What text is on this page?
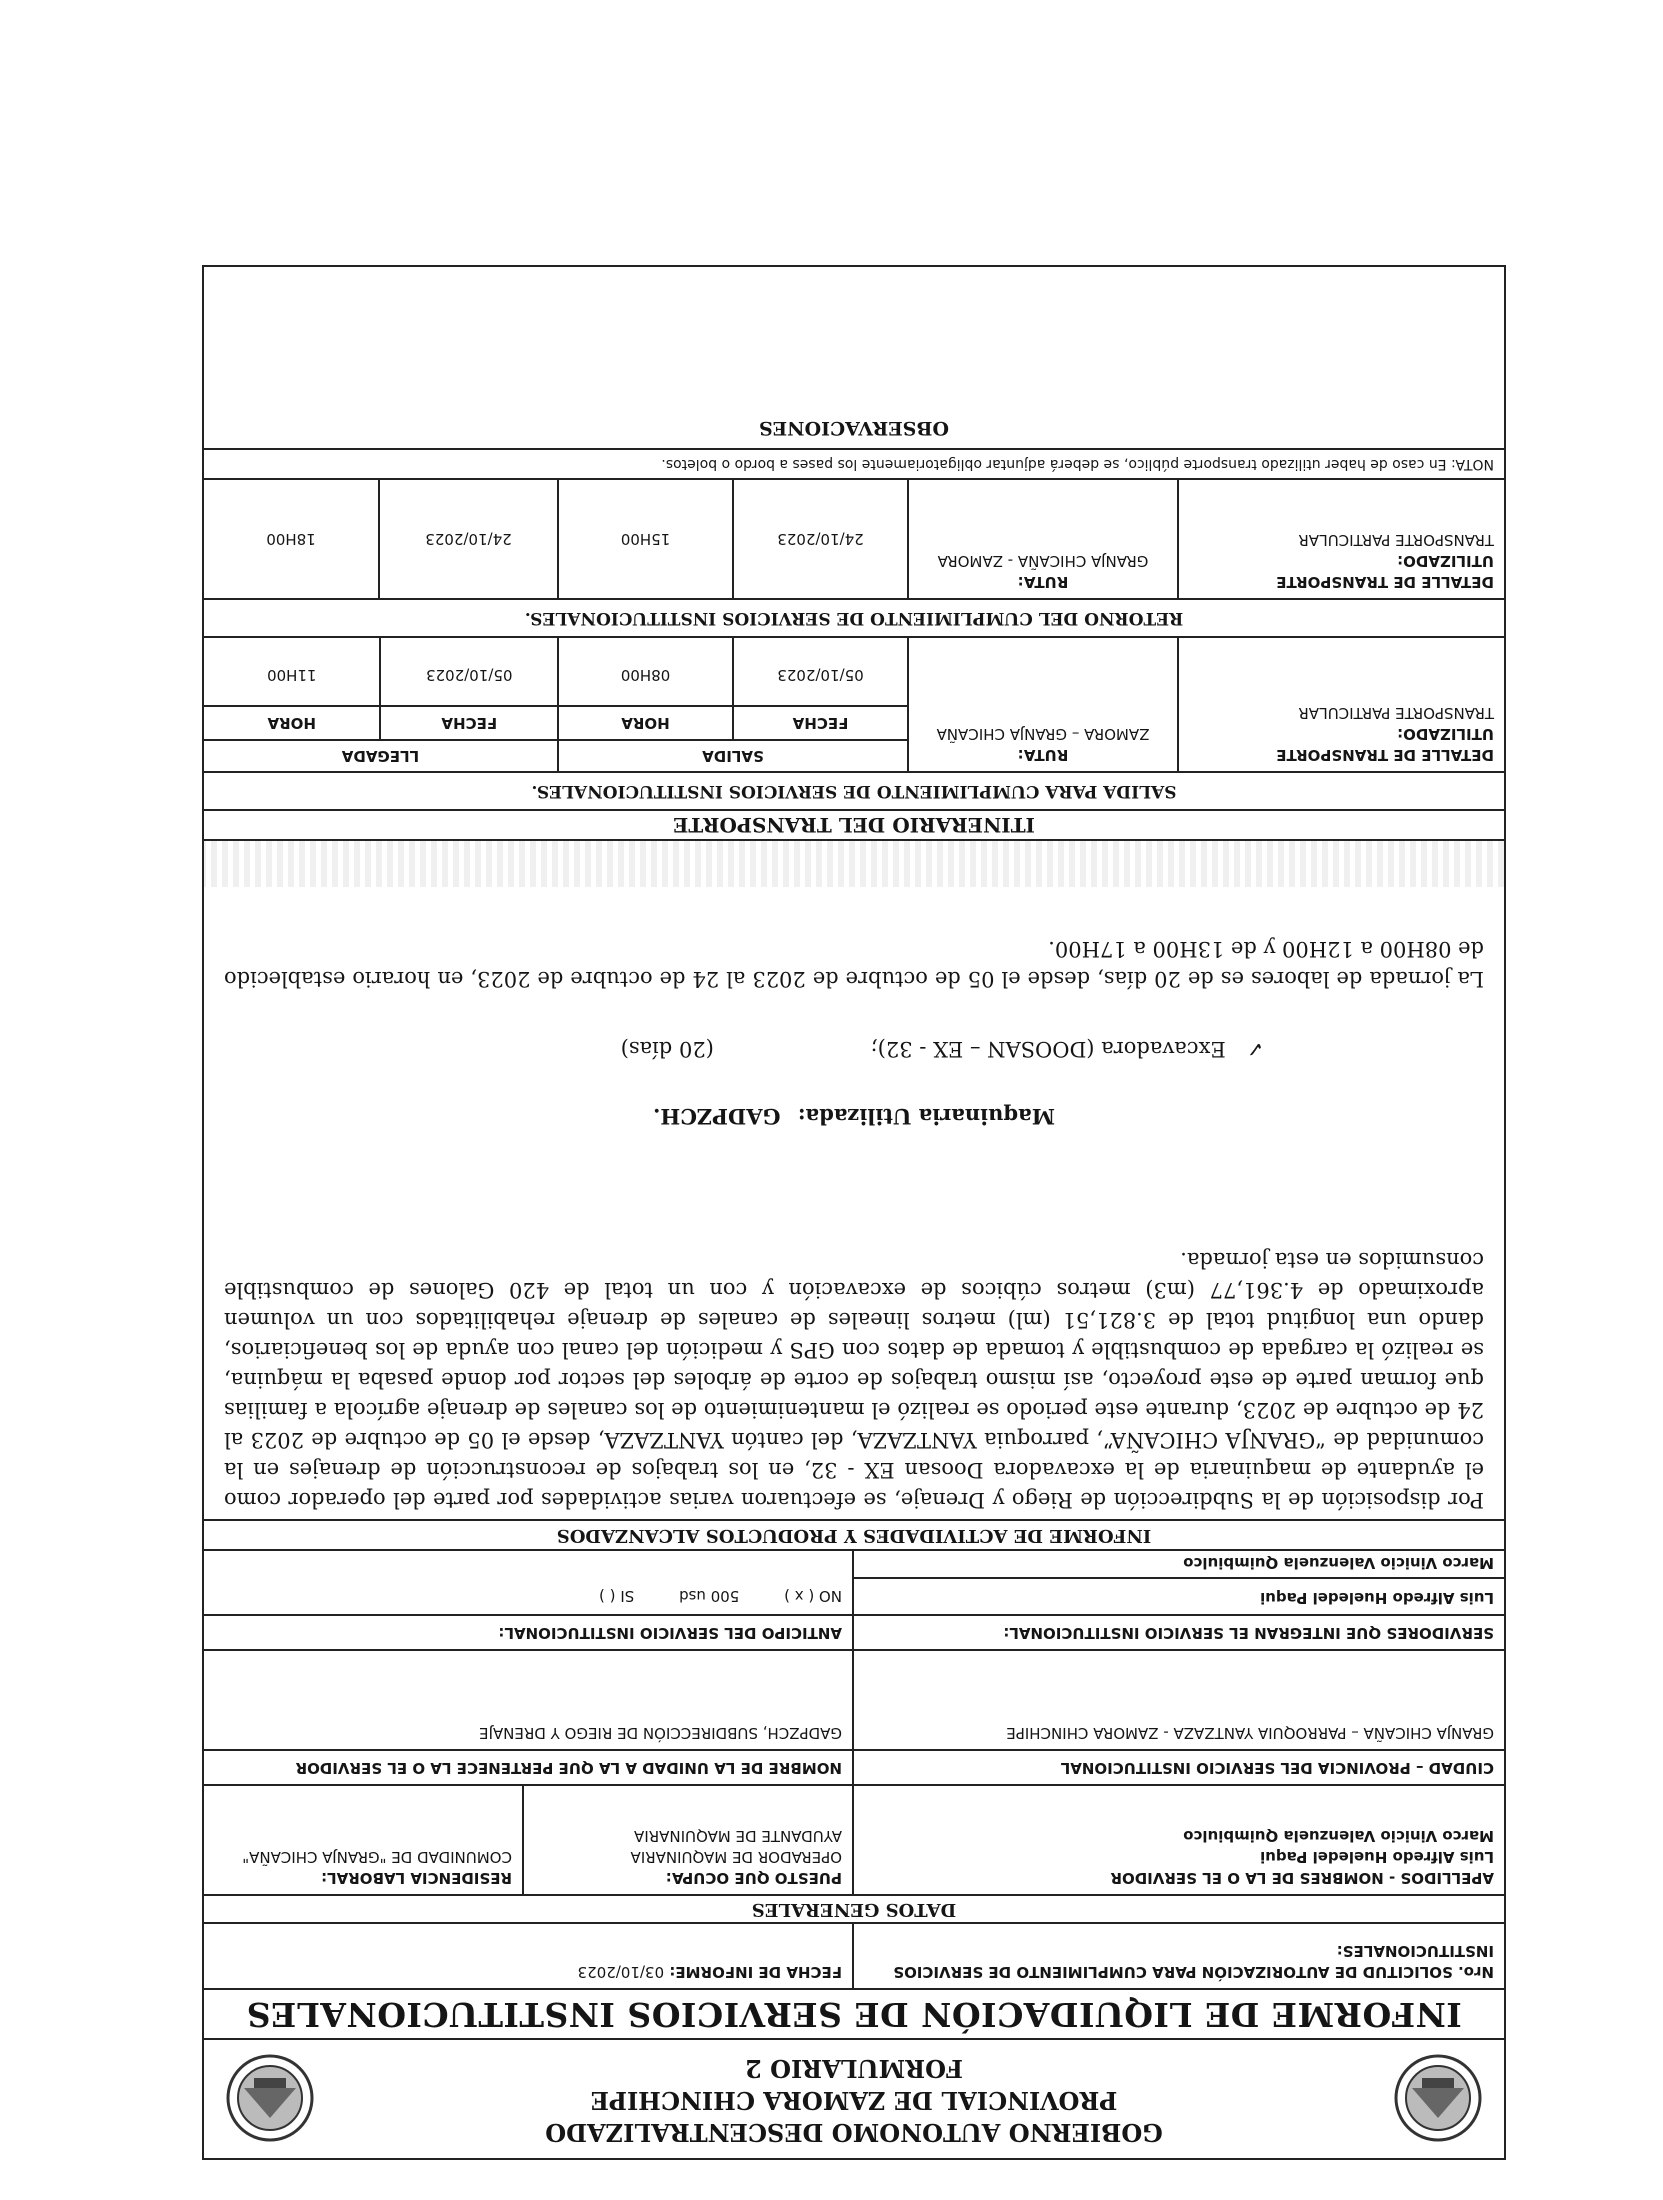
GOBIERNO AUTONOMO DESCENTRALIZADO
PROVINCIAL DE ZAMORA CHINCHIPE
FORMULARIO 2
INFORME DE LIQUIDACIÓN DE SERVICIOS INSTITUCIONALES
Nro. SOLICITUD DE AUTORIZACIÓN PARA CUMPLIMIENTO DE SERVICIOS INSTITUCIONALES:
FECHA DE INFORME: 03/10/2023
DATOS GENERALES
APELLIDOS - NOMBRES DE LA O EL SERVIDOR
Luis Alfredo Hueledel Paqui
Marco Vinicio Valenzuela Quimbiulco
PUESTO QUE OCUPA:
OPERADOR DE MAQUINARIA
AYUDANTE DE MAQUINARIA
RESIDENCIA LABORAL:
COMUNIDAD DE "GRANJA CHICAÑA"
CIUDAD – PROVINCIA DEL SERVICIO INSTITUCIONAL
GRANJA CHICAÑA – PARROQUIA YANTZAZA - ZAMORA CHINCHIPE
NOMBRE DE LA UNIDAD A LA QUE PERTENECE LA O EL SERVIDOR
GADPZCH, SUBDIRECCIÓN DE RIEGO Y DRENAJE
SERVIDORES QUE INTEGRAN EL SERVICIO INSTITUCIONAL:
Luis Alfredo Hueledel Paqui
Marco Vinicio Valenzuela Quimbiulco
ANTICIPO DEL SERVICIO INSTITUCIONAL:
NO ( x ) 500 usd SI ( )
INFORME DE ACTIVIDADES Y PRODUCTOS ALCANZADOS

Por disposición de la Subdirección de Riego y Drenaje, se efectuaron varias actividades por parte del operador como el ayudante de maquinaria de la excavadora Doosan EX - 32, en los trabajos de reconstrucción de drenajes en la comunidad de “GRANJA CHICAÑA”, parroquia YANTZAZA, del cantón YANTZAZA, desde el 05 de octubre de 2023 al 24 de octubre de 2023, durante este periodo se realizó el mantenimiento de los canales de drenaje agrícola a familias que forman parte de este proyecto, así mismo trabajos de corte de árboles del sector por donde pasaba la máquina, se realizó la cargada de combustible y tomada de datos con GPS y medición del canal con ayuda de los beneficiarios, dando una longitud total de 3.821,51 (ml) metros lineales de canales de drenaje rehabilitados con un volumen aproximado de 4.361,77 (m3) metros cúbicos de excavación y con un total de 420 Galones de combustible consumidos en esta jornada.

Maquinaria Utilizada: GADPZCH.
✓ Excavadora (DOOSAN – EX - 32); (20 días)

La jornada de labores es de 20 días, desde el 05 de octubre de 2023 al 24 de octubre de 2023, en horario establecido de 08H00 a 12H00 y de 13H00 a 17H00.

ITINERARIO DEL TRANSPORTE
SALIDA PARA CUMPLIMIENTO DE SERVICIOS INSTITUCIONALES.
DETALLE DE TRANSPORTE UTILIZADO:
TRANSPORTE PARTICULAR
RUTA:
ZAMORA – GRANJA CHICAÑA
SALIDA
FECHA
HORA
05/10/2023
08H00
LLEGADA
FECHA
HORA
05/10/2023
11H00
RETORNO DEL CUMPLIMIENTO DE SERVICIOS INSTITUCIONALES.
DETALLE DE TRANSPORTE UTILIZADO:
TRANSPORTE PARTICULAR
RUTA:
GRANJA CHICAÑA - ZAMORA
24/10/2023
15H00
24/10/2023
18H00
NOTA: En caso de haber utilizado transporte público, se deberá adjuntar obligatoriamente los pases a bordo o boletos.
OBSERVACIONES
